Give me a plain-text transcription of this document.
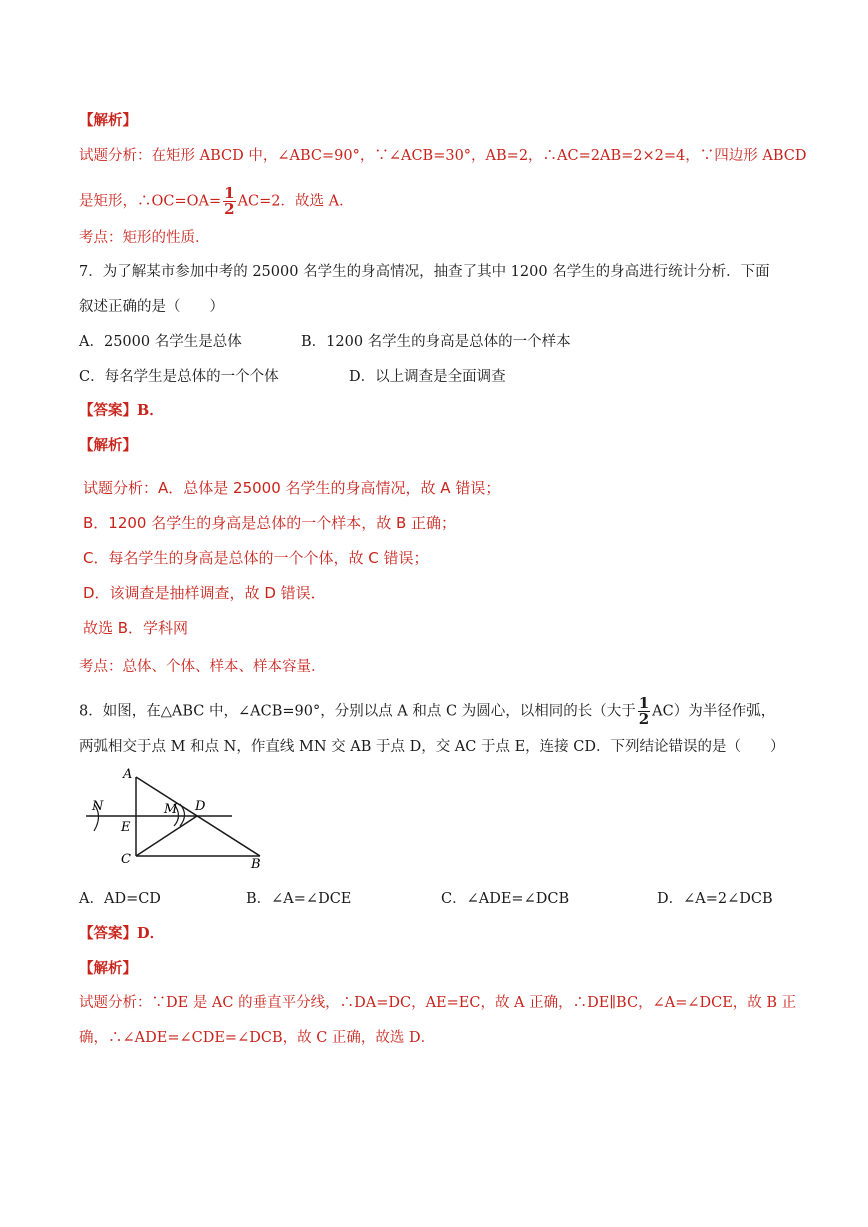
【解析】
试题分析：在矩形 ABCD 中，∠ABC=90°，∵∠ACB=30°，AB=2，∴AC=2AB=2×2=4，∵四边形 ABCD
是矩形，∴OC=OA= $\frac{1}{2} AC=2$．故选 A．
考点：矩形的性质．
7．为了解某市参加中考的 25000 名学生的身高情况，抽查了其中 1200 名学生的身高进行统计分析．下面
叙述正确的是（　　）
A．25000 名学生是总体	B．1200 名学生的身高是总体的一个样本
C．每名学生是总体的一个个体	D．以上调查是全面调查
【答案】B．
【解析】
试题分析：A．总体是 25000 名学生的身高情况，故 A 错误；
B．1200 名学生的身高是总体的一个样本，故 B 正确；
C．每名学生的身高是总体的一个个体，故 C 错误；
D．该调查是抽样调查，故 D 错误．
故选 B．学科网
考点：总体、个体、样本、样本容量．
8．如图，在△ABC 中，∠ACB=90°，分别以点 A 和点 C 为圆心，以相同的长（大于 $\frac{1}{2} AC$）为半径作弧，
两弧相交于点 M 和点 N，作直线 MN 交 AB 于点 D，交 AC 于点 E，连接 CD．下列结论错误的是（　　）
A
N	M D
E
C	B
A．AD=CD	B．∠A=∠DCE	C．∠ADE=∠DCB	D．∠A=2∠DCB
【答案】D．
【解析】
试题分析：∵DE 是 AC 的垂直平分线，∴DA=DC，AE=EC，故 A 正确，∴DE∥BC，∠A=∠DCE，故 B 正
确，∴∠ADE=∠CDE=∠DCB，故 C 正确，故选 D．
